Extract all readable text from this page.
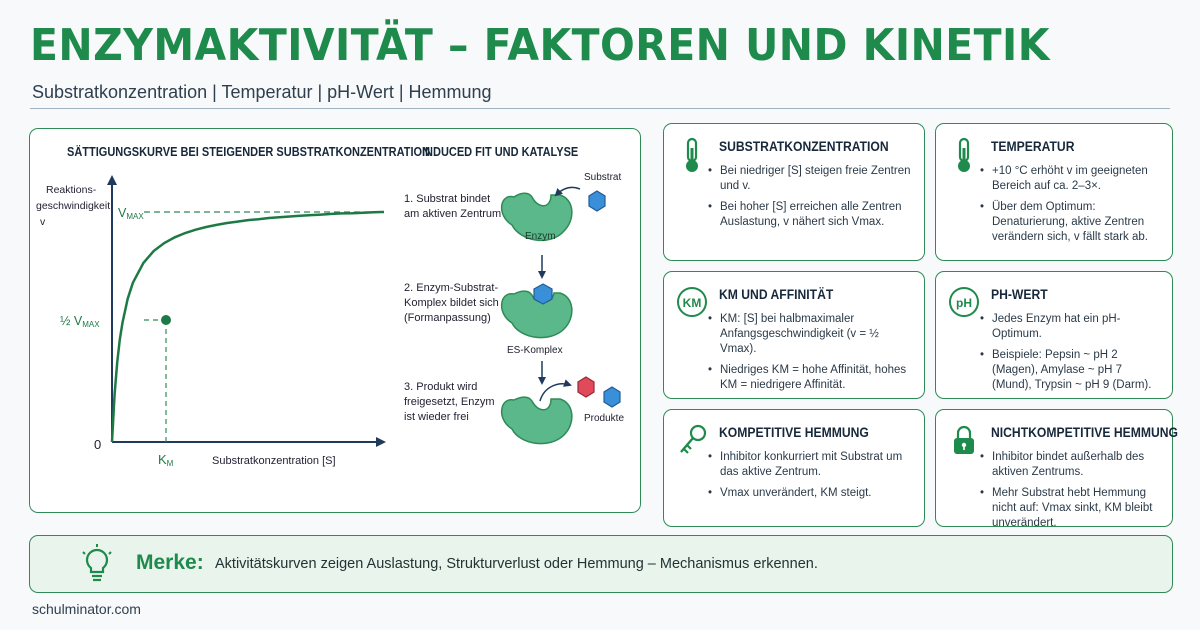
ENZYMAKTIVITÄT – FAKTOREN UND KINETIK
Substratkonzentration | Temperatur | pH-Wert | Hemmung
SÄTTIGUNGSKURVE BEI STEIGENDER SUBSTRATKONZENTRATION
INDUCED FIT UND KATALYSE
Reaktions-
geschwindigkeit
v
0
VMAX
½ VMAX
KM	Substratkonzentration [S]
Enzym
Substrat
ES-Komplex
Produkte
1. Substrat bindet
am aktiven Zentrum
2. Enzym-Substrat-
Komplex bildet sich
(Formanpassung)
3. Produkt wird
freigesetzt, Enzym
ist wieder frei
SUBSTRATKONZENTRATION
• Bei niedriger [S] steigen freie Zentren und v.
• Bei hoher [S] erreichen alle Zentren Auslastung, v nähert sich Vmax.
TEMPERATUR
• +10 °C erhöht v im geeigneten Bereich auf ca. 2–3×.
• Über dem Optimum: Denaturierung, aktive Zentren verändern sich, v fällt stark ab.
KM
KM UND AFFINITÄT
• KM: [S] bei halbmaximaler Anfangsgeschwindigkeit (v = ½ Vmax).
• Niedriges KM = hohe Affinität, hohes KM = niedrigere Affinität.
pH
PH-WERT
• Jedes Enzym hat ein pH-Optimum.
• Beispiele: Pepsin ~ pH 2 (Magen), Amylase ~ pH 7 (Mund), Trypsin ~ pH 9 (Darm).
KOMPETITIVE HEMMUNG
• Inhibitor konkurriert mit Substrat um das aktive Zentrum.
• Vmax unverändert, KM steigt.
NICHTKOMPETITIVE HEMMUNG
• Inhibitor bindet außerhalb des aktiven Zentrums.
• Mehr Substrat hebt Hemmung nicht auf: Vmax sinkt, KM bleibt unverändert.
Merke: Aktivitätskurven zeigen Auslastung, Strukturverlust oder Hemmung – Mechanismus erkennen.
schulminator.com
